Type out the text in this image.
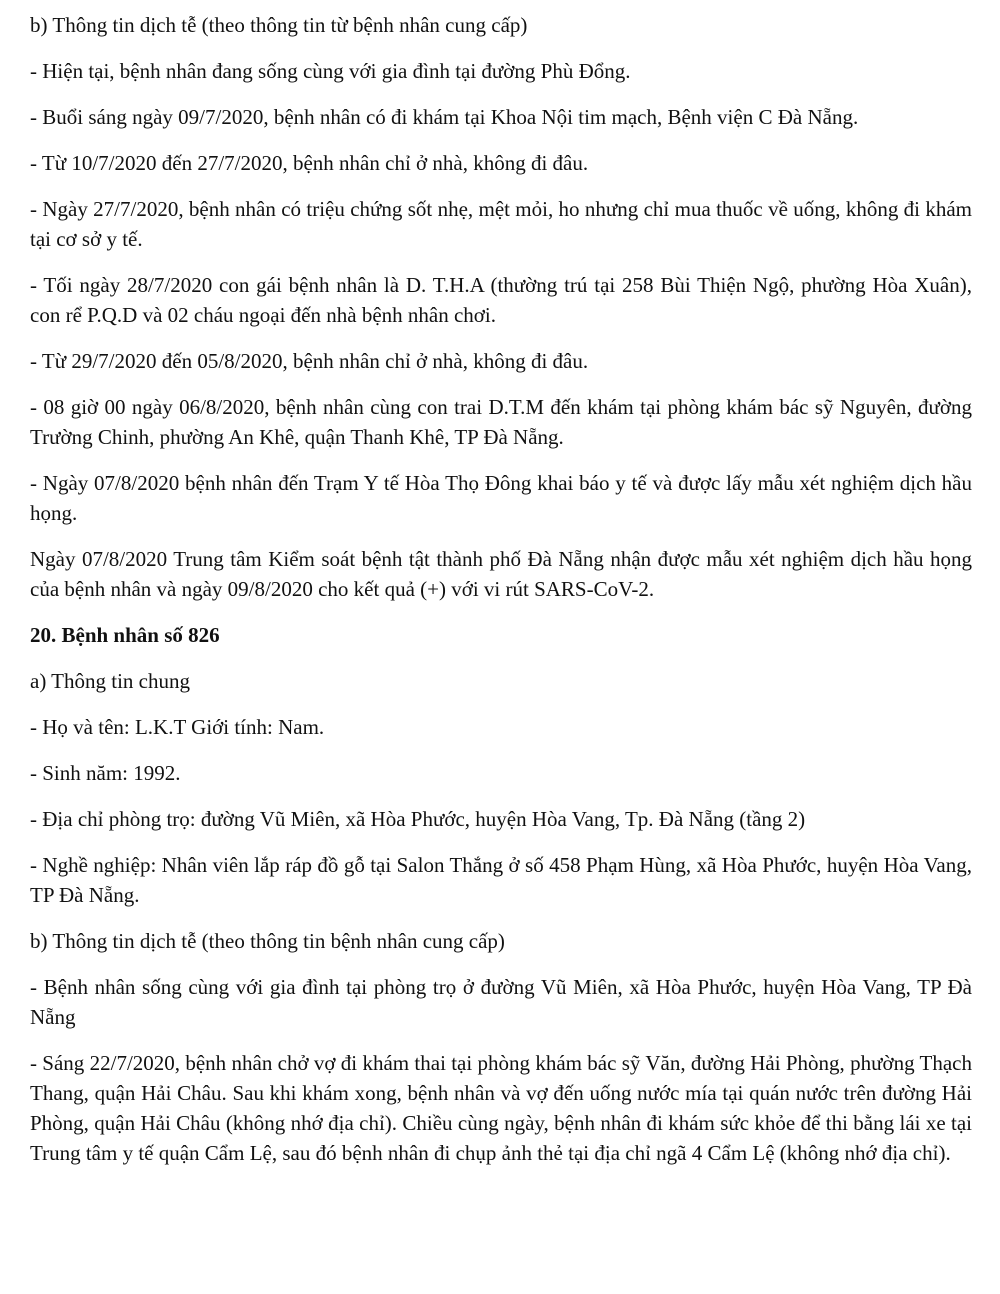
b) Thông tin dịch tễ (theo thông tin từ bệnh nhân cung cấp)

- Hiện tại, bệnh nhân đang sống cùng với gia đình tại đường Phù Đổng.

- Buổi sáng ngày 09/7/2020, bệnh nhân có đi khám tại Khoa Nội tim mạch, Bệnh viện C Đà Nẵng.

- Từ 10/7/2020 đến 27/7/2020, bệnh nhân chỉ ở nhà, không đi đâu.

- Ngày 27/7/2020, bệnh nhân có triệu chứng sốt nhẹ, mệt mỏi, ho nhưng chỉ mua thuốc về uống, không đi khám tại cơ sở y tế.

- Tối ngày 28/7/2020 con gái bệnh nhân là D. T.H.A (thường trú tại 258 Bùi Thiện Ngộ, phường Hòa Xuân), con rể P.Q.D và 02 cháu ngoại đến nhà bệnh nhân chơi.

- Từ 29/7/2020 đến 05/8/2020, bệnh nhân chỉ ở nhà, không đi đâu.

- 08 giờ 00 ngày 06/8/2020, bệnh nhân cùng con trai D.T.M đến khám tại phòng khám bác sỹ Nguyên, đường Trường Chinh, phường An Khê, quận Thanh Khê, TP Đà Nẵng.

- Ngày 07/8/2020 bệnh nhân đến Trạm Y tế Hòa Thọ Đông khai báo y tế và được lấy mẫu xét nghiệm dịch hầu họng.

Ngày 07/8/2020 Trung tâm Kiểm soát bệnh tật thành phố Đà Nẵng nhận được mẫu xét nghiệm dịch hầu họng của bệnh nhân và ngày 09/8/2020 cho kết quả (+) với vi rút SARS-CoV-2.

20. Bệnh nhân số 826

a) Thông tin chung

- Họ và tên: L.K.T Giới tính: Nam.

- Sinh năm: 1992.

- Địa chỉ phòng trọ: đường Vũ Miên, xã Hòa Phước, huyện Hòa Vang, Tp. Đà Nẵng (tầng 2)

- Nghề nghiệp: Nhân viên lắp ráp đồ gỗ tại Salon Thắng ở số 458 Phạm Hùng, xã Hòa Phước, huyện Hòa Vang, TP Đà Nẵng.

b) Thông tin dịch tễ (theo thông tin bệnh nhân cung cấp)

- Bệnh nhân sống cùng với gia đình tại phòng trọ ở đường Vũ Miên, xã Hòa Phước, huyện Hòa Vang, TP Đà Nẵng

- Sáng 22/7/2020, bệnh nhân chở vợ đi khám thai tại phòng khám bác sỹ Văn, đường Hải Phòng, phường Thạch Thang, quận Hải Châu. Sau khi khám xong, bệnh nhân và vợ đến uống nước mía tại quán nước trên đường Hải Phòng, quận Hải Châu (không nhớ địa chỉ). Chiều cùng ngày, bệnh nhân đi khám sức khỏe để thi bằng lái xe tại Trung tâm y tế quận Cẩm Lệ, sau đó bệnh nhân đi chụp ảnh thẻ tại địa chỉ ngã 4 Cẩm Lệ (không nhớ địa chỉ).
